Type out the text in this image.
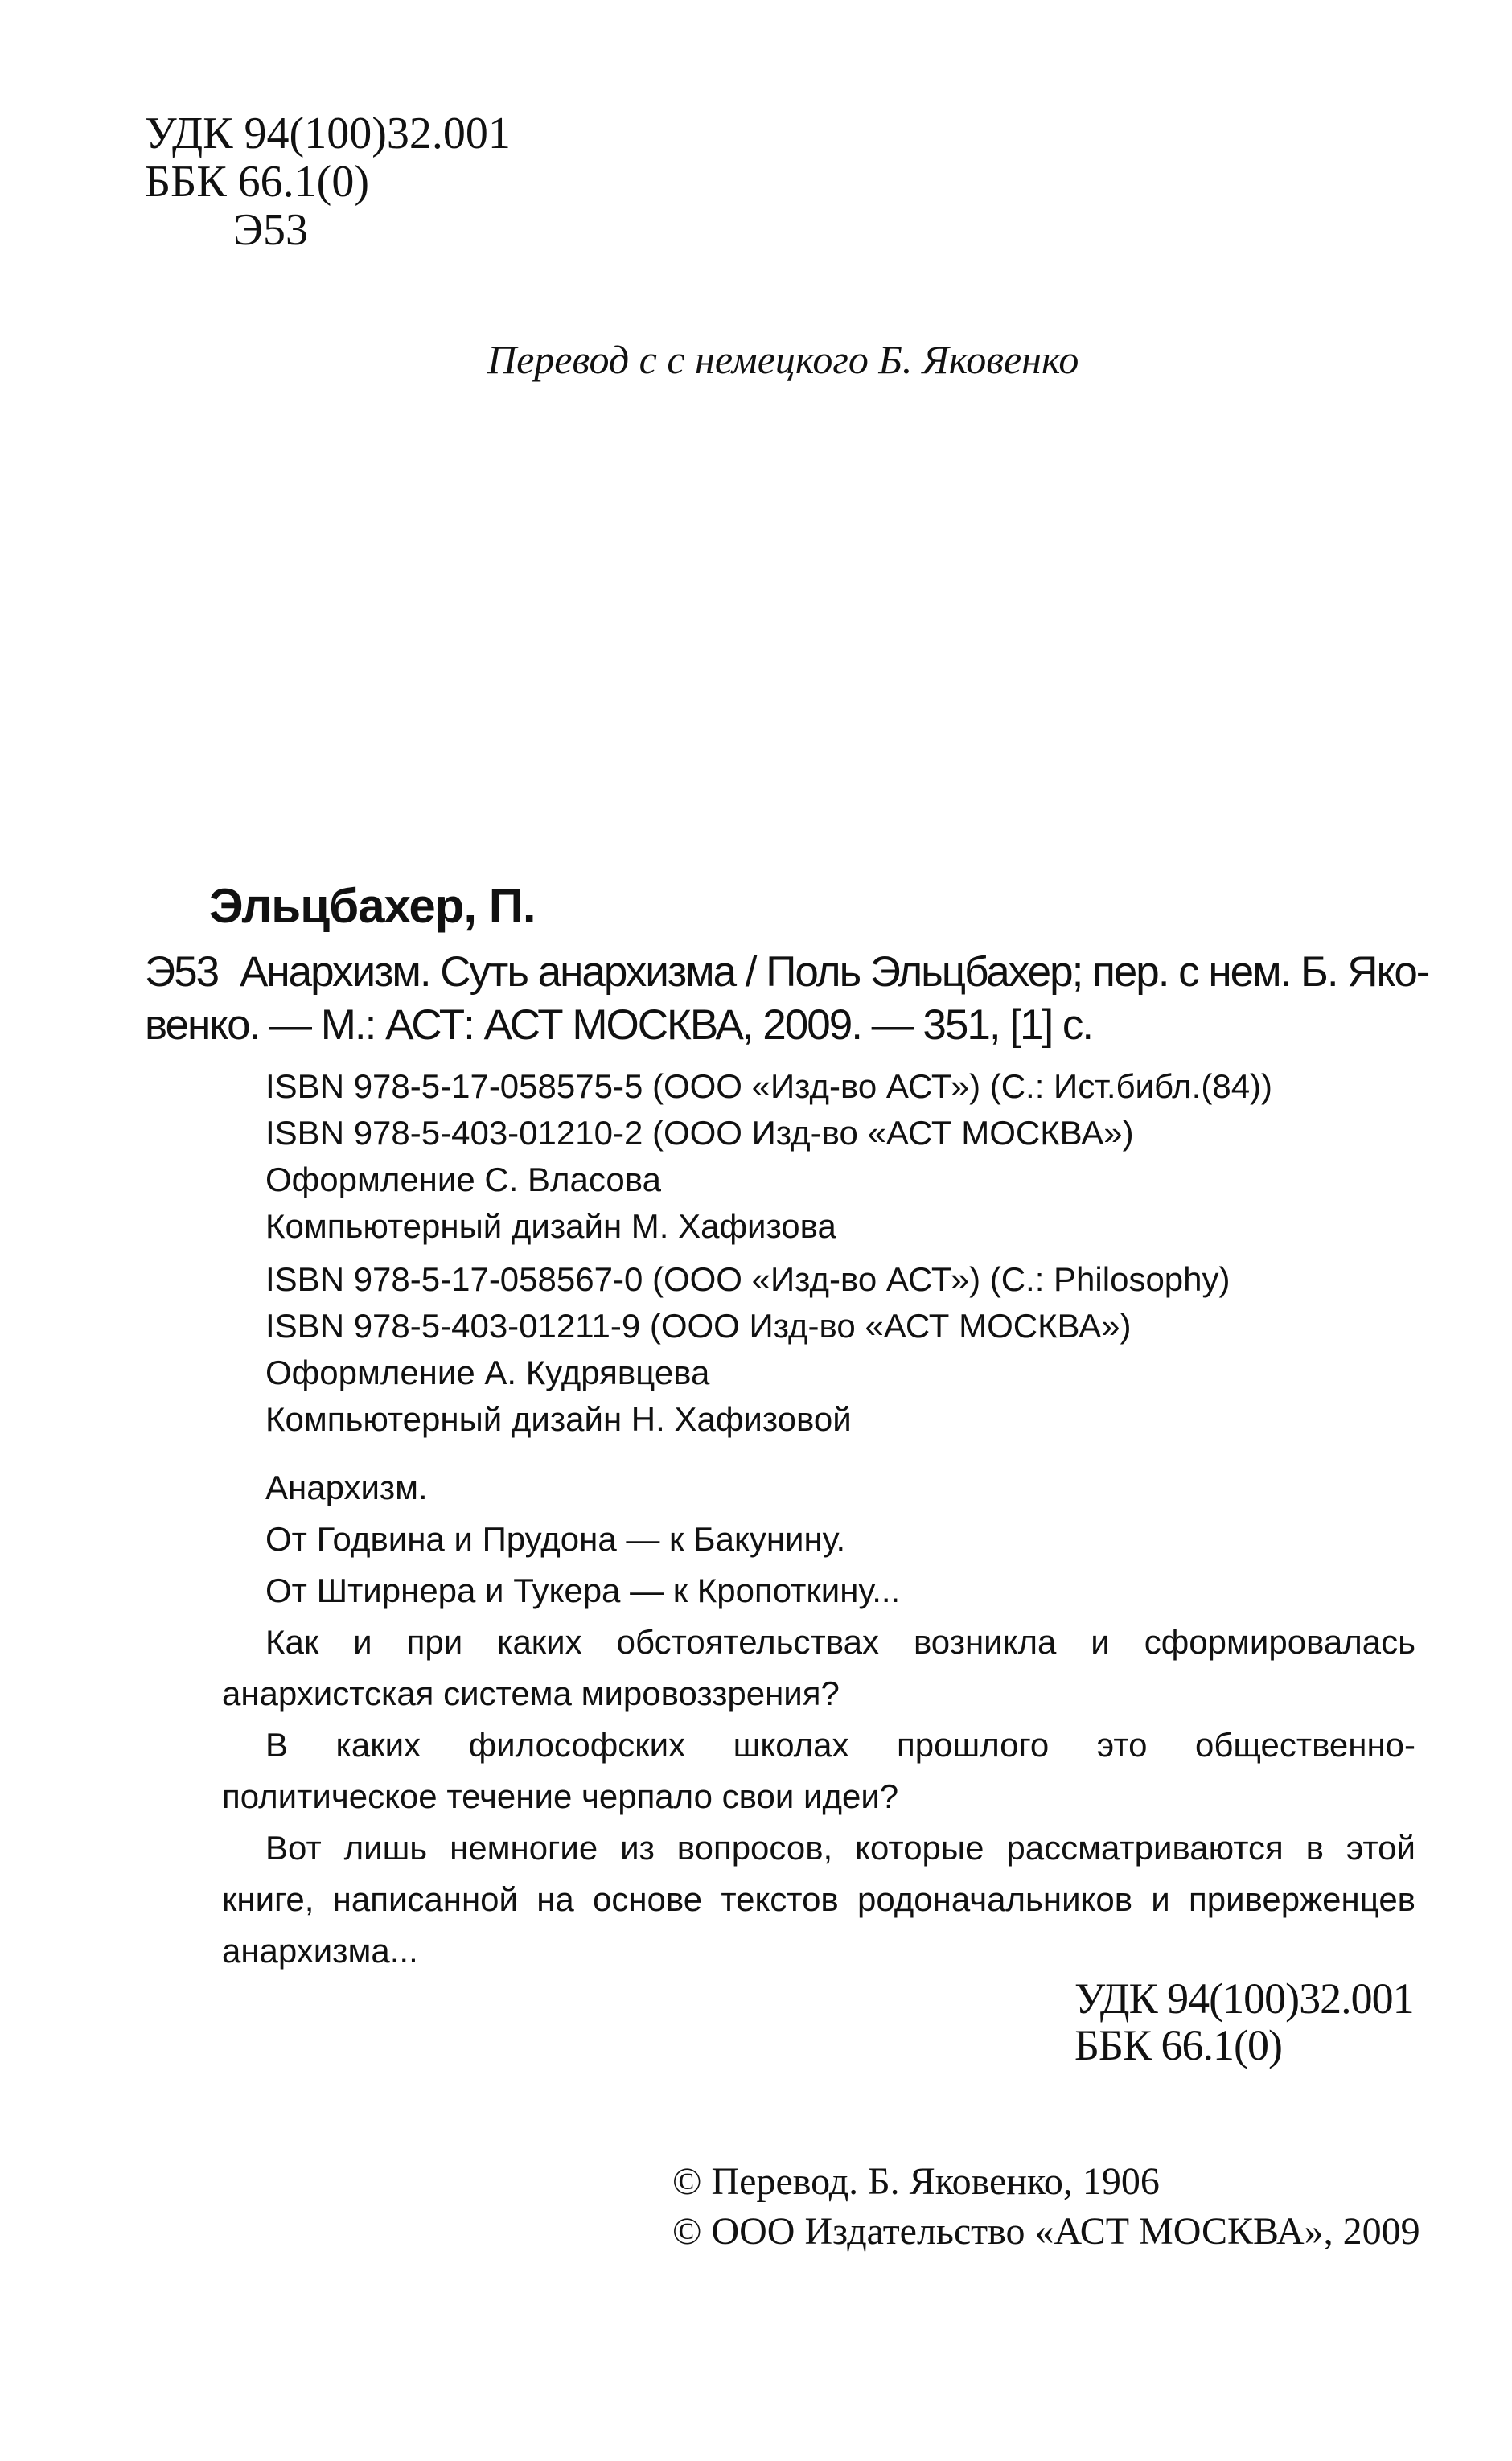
УДК 94(100)32.001
ББК 66.1(0)
Э53
Перевод с с немецкого Б. Яковенко
Эльцбахер, П.
Э53 Анархизм. Суть анархизма / Поль Эльцбахер; пер. с нем. Б. Яко-
венко. — М.: АСТ: АСТ МОСКВА, 2009. — 351, [1] с.
ISBN 978-5-17-058575-5 (ООО «Изд-во АСТ») (С.: Ист.библ.(84))
ISBN 978-5-403-01210-2 (ООО Изд-во «АСТ МОСКВА»)
Оформление С. Власова
Компьютерный дизайн М. Хафизова
ISBN 978-5-17-058567-0 (ООО «Изд-во АСТ») (С.: Philosophy)
ISBN 978-5-403-01211-9 (ООО Изд-во «АСТ МОСКВА»)
Оформление А. Кудрявцева
Компьютерный дизайн Н. Хафизовой
Анархизм.
От Годвина и Прудона — к Бакунину.
От Штирнера и Тукера — к Кропоткину...
Как и при каких обстоятельствах возникла и сформировалась
анархистская система мировоззрения?
В каких философских школах прошлого это общественно-
политическое течение черпало свои идеи?
Вот лишь немногие из вопросов, которые рассматриваются в этой
книге, написанной на основе текстов родоначальников и приверженцев
анархизма...
УДК 94(100)32.001
ББК 66.1(0)
© Перевод. Б. Яковенко, 1906
© ООО Издательство «АСТ МОСКВА», 2009
